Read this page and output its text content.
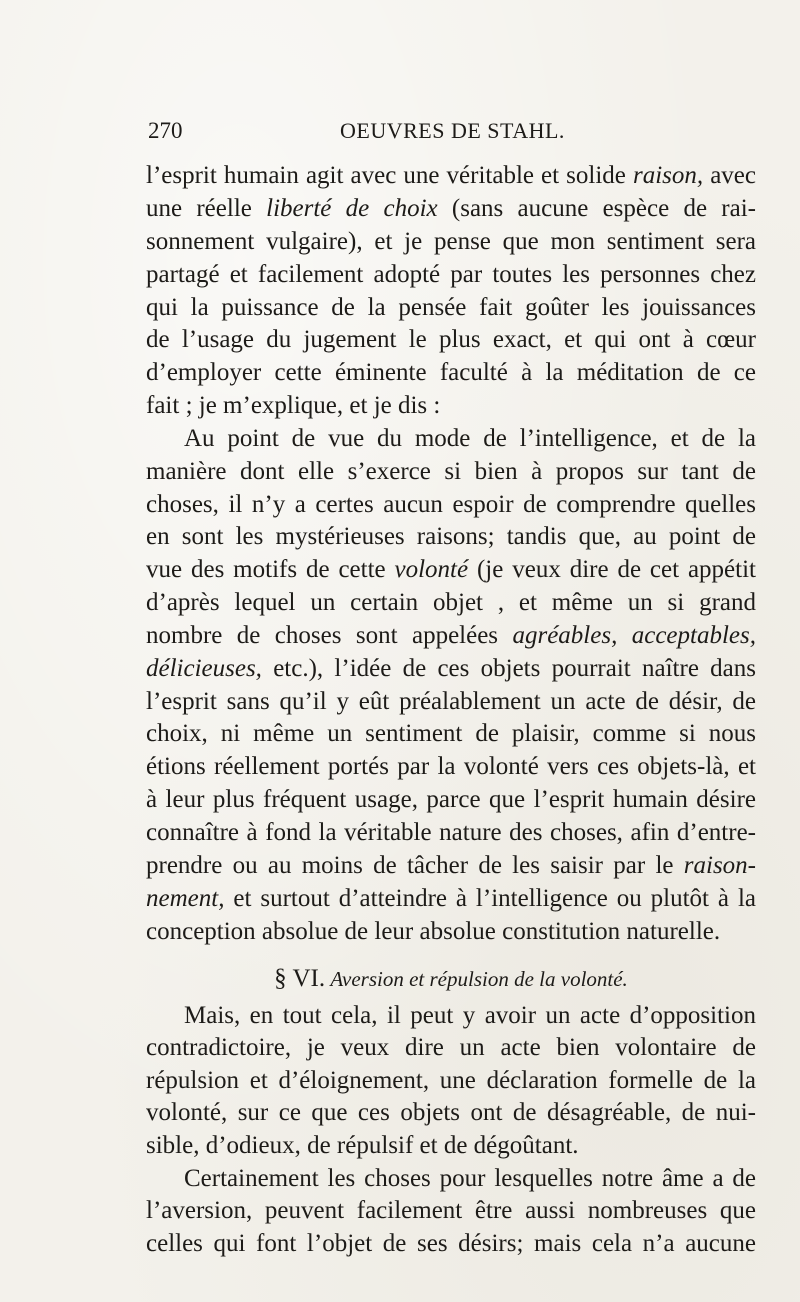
270	OEUVRES DE STAHL.
l’esprit humain agit avec une véritable et solide raison, avec
une réelle liberté de choix (sans aucune espèce de rai-
sonnement vulgaire), et je pense que mon sentiment sera
partagé et facilement adopté par toutes les personnes chez
qui la puissance de la pensée fait goûter les jouissances
de l’usage du jugement le plus exact, et qui ont à cœur
d’employer cette éminente faculté à la méditation de ce
fait ; je m’explique, et je dis :
Au point de vue du mode de l’intelligence, et de la
manière dont elle s’exerce si bien à propos sur tant de
choses, il n’y a certes aucun espoir de comprendre quelles
en sont les mystérieuses raisons; tandis que, au point de
vue des motifs de cette volonté (je veux dire de cet appétit
d’après lequel un certain objet , et même un si grand
nombre de choses sont appelées agréables, acceptables,
délicieuses, etc.), l’idée de ces objets pourrait naître dans
l’esprit sans qu’il y eût préalablement un acte de désir, de
choix, ni même un sentiment de plaisir, comme si nous
étions réellement portés par la volonté vers ces objets-là, et
à leur plus fréquent usage, parce que l’esprit humain désire
connaître à fond la véritable nature des choses, afin d’entre-
prendre ou au moins de tâcher de les saisir par le raison-
nement, et surtout d’atteindre à l’intelligence ou plutôt à la
conception absolue de leur absolue constitution naturelle.
§ VI. Aversion et répulsion de la volonté.
Mais, en tout cela, il peut y avoir un acte d’opposition
contradictoire, je veux dire un acte bien volontaire de
répulsion et d’éloignement, une déclaration formelle de la
volonté, sur ce que ces objets ont de désagréable, de nui-
sible, d’odieux, de répulsif et de dégoûtant.
Certainement les choses pour lesquelles notre âme a de
l’aversion, peuvent facilement être aussi nombreuses que
celles qui font l’objet de ses désirs; mais cela n’a aucune
